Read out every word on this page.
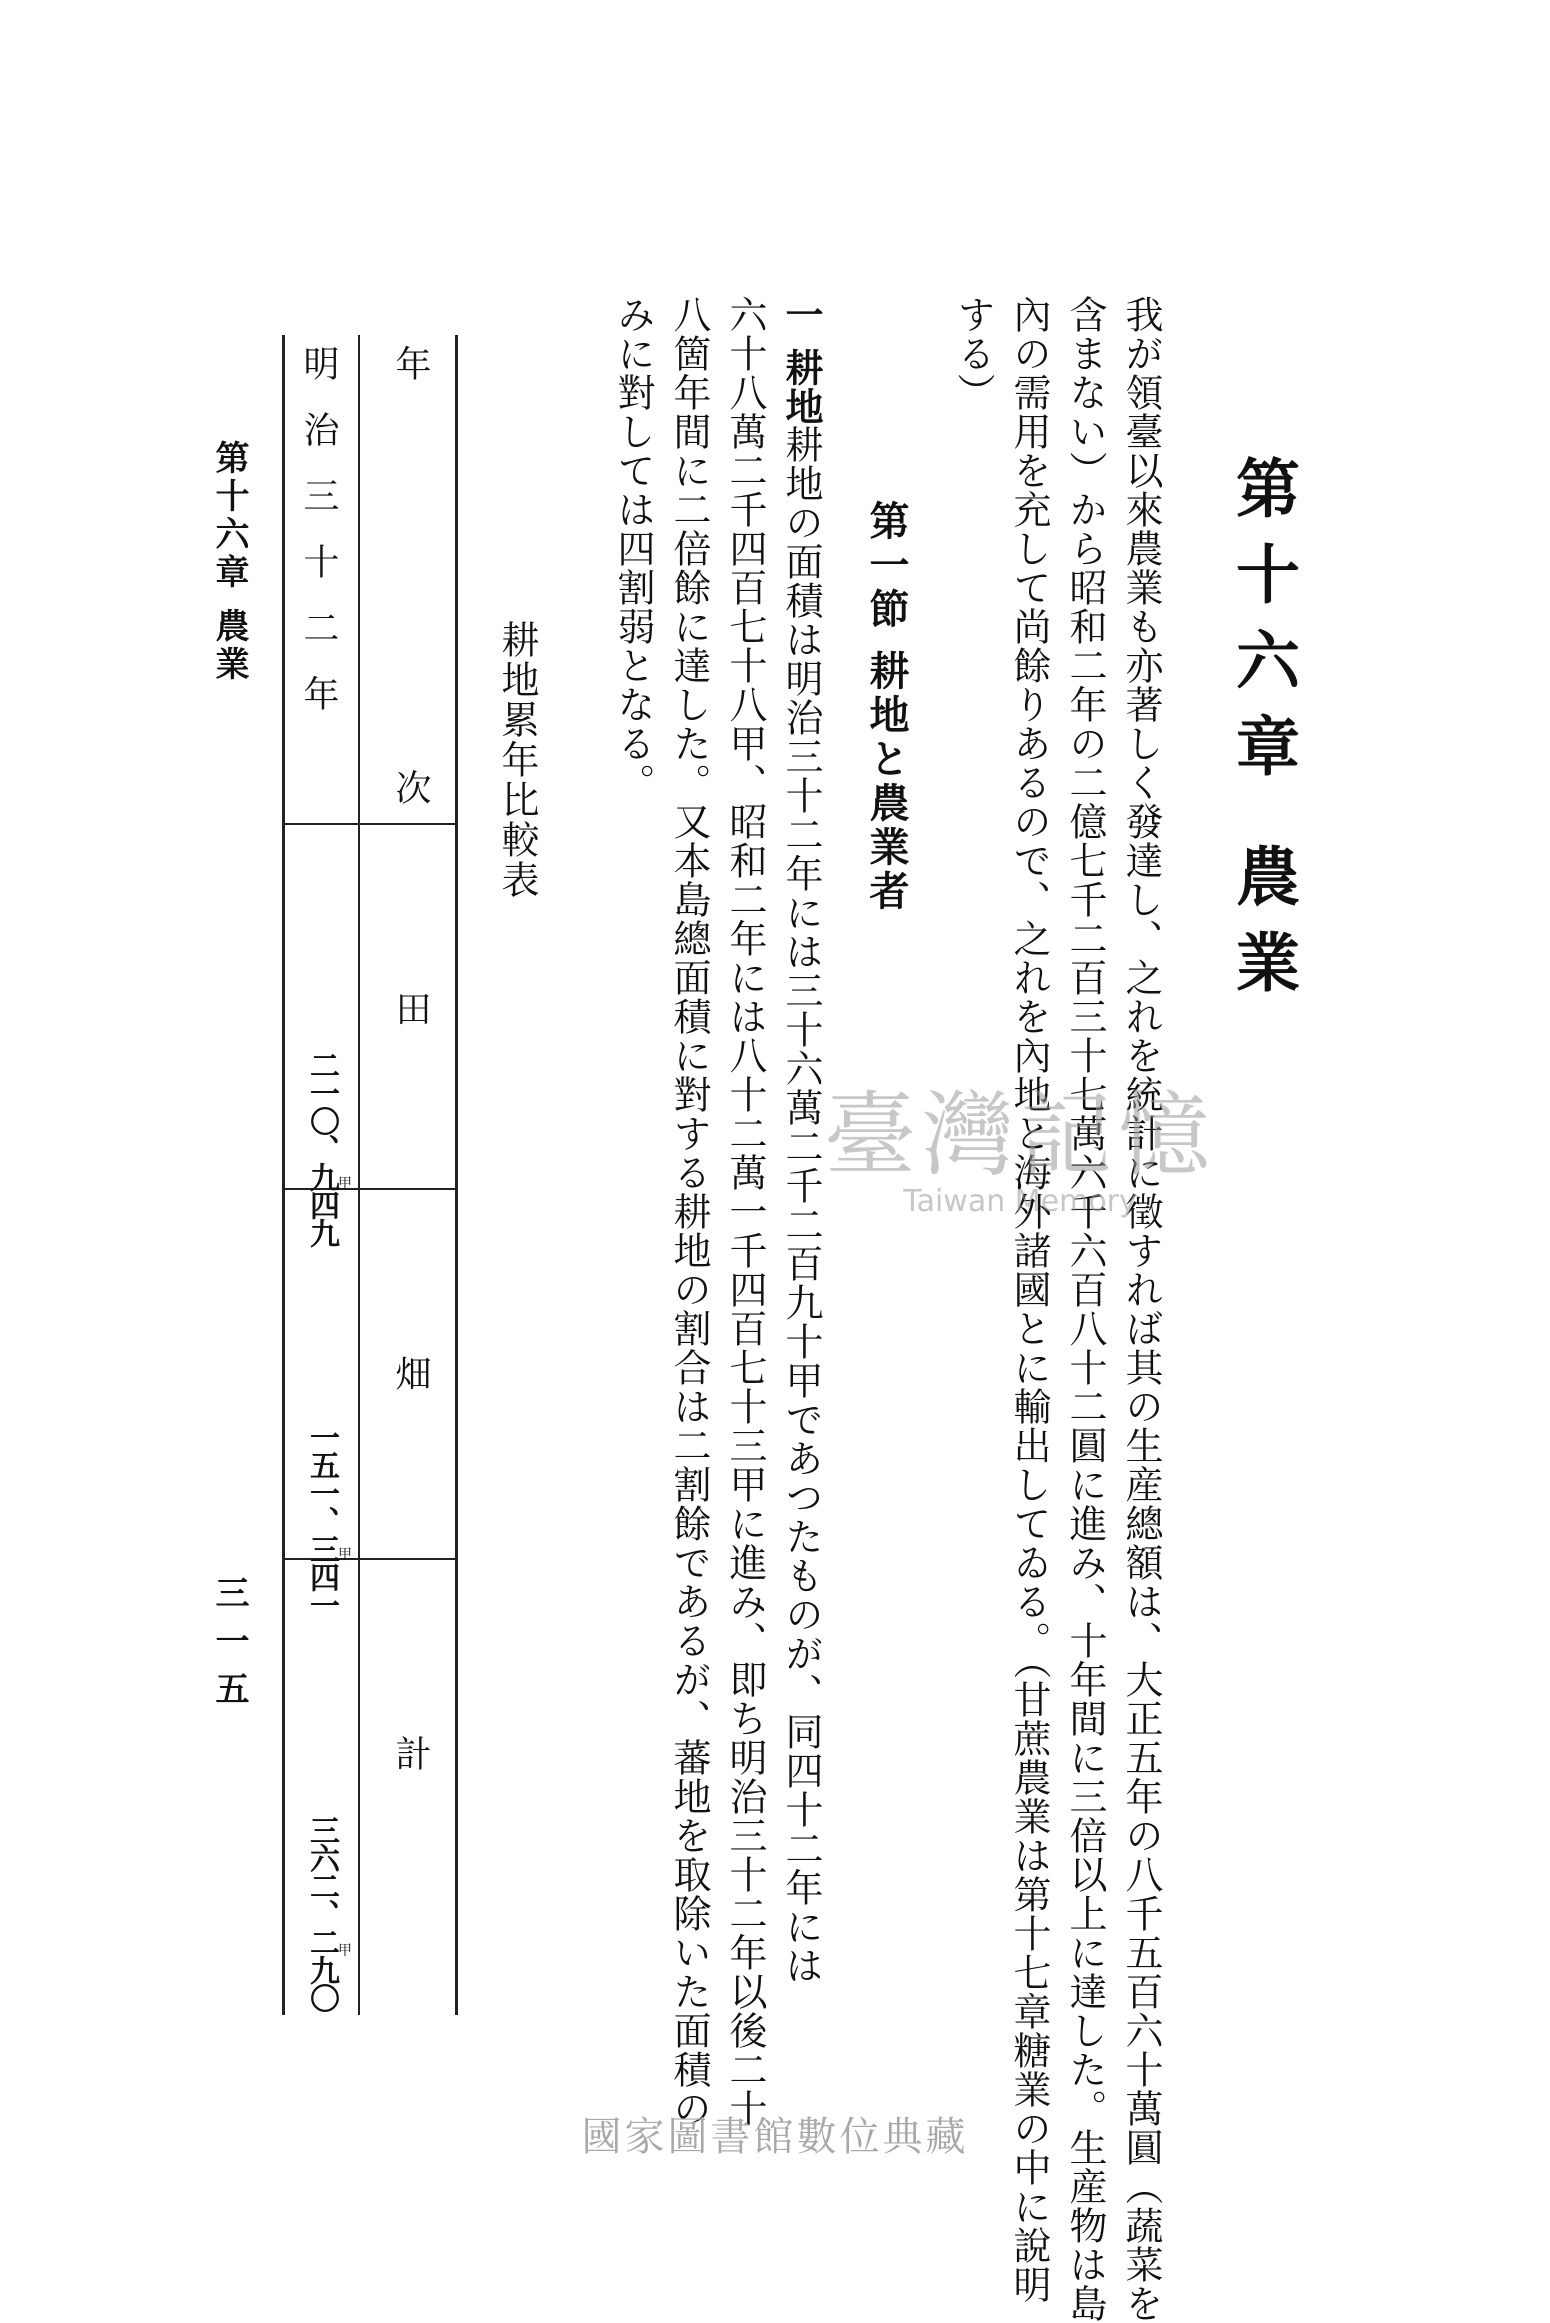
第十六章 農業
我が領臺以來農業も亦著しく發達し、之れを統計に徵すれば其の生産總額は、大正五年の八千五百六十萬圓（蔬菜を
含まない）から昭和二年の二億七千二百三十七萬六千六百八十二圓に進み、十年間に三倍以上に達した。生産物は島
內の需用を充して尚餘りあるので、之れを內地と海外諸國とに輸出してゐる。（甘蔗農業は第十七章糖業の中に說明
する）
第一節 耕地と農業者
一 耕地
耕地の面積は明治三十二年には三十六萬二千二百九十甲であつたものが、同四十二年には
六十八萬二千四百七十八甲、昭和二年には八十二萬一千四百七十三甲に進み、即ち明治三十二年以後二十
八箇年間に二倍餘に達した。又本島總面積に對する耕地の割合は二割餘であるが、蕃地を取除いた面積の
みに對しては四割弱となる。
耕地累年比較表
年次
田
畑
計
明治三十二年
二一〇、九四九 甲
一五一、三四一 甲
三六二、二九〇 甲
第十六章 農業
三一五
臺灣記憶
Taiwan Memory
國家圖書館數位典藏
